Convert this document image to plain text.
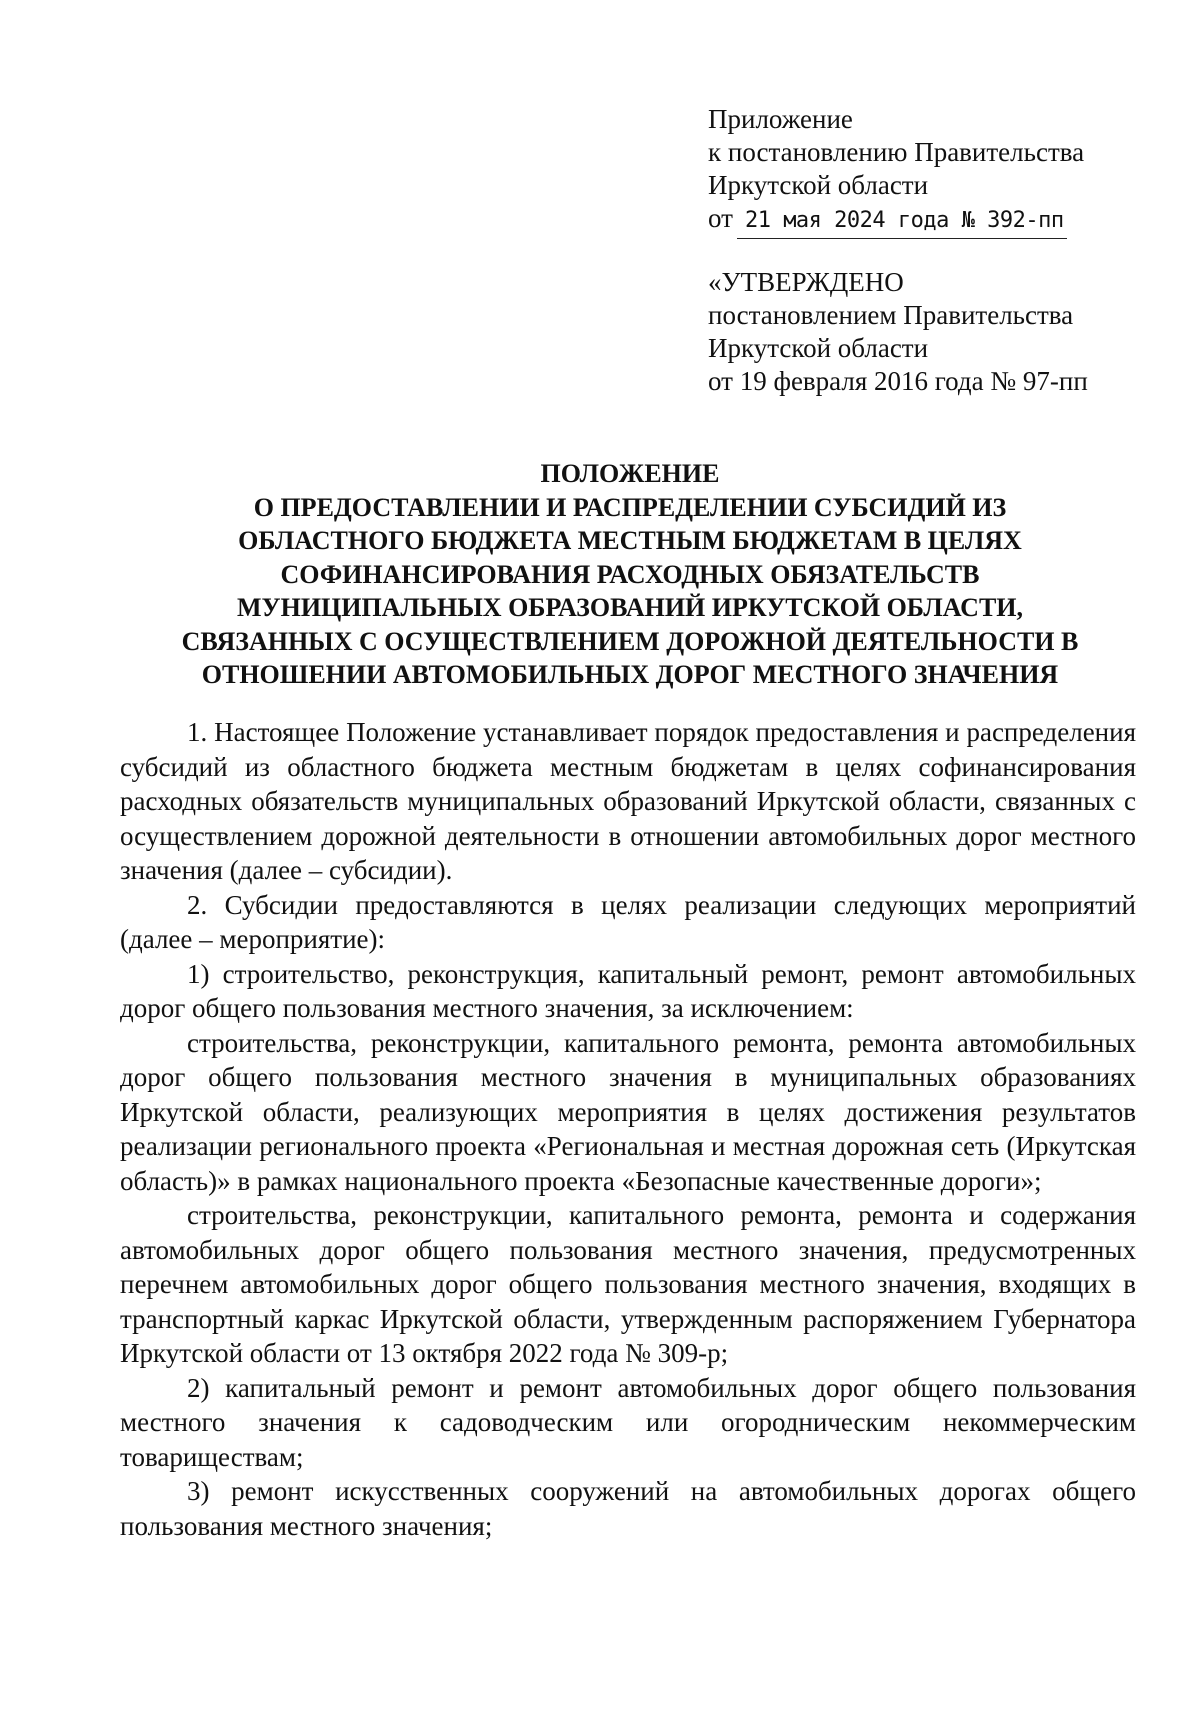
Приложение
к постановлению Правительства
Иркутской области
от 21 мая 2024 года № 392-пп
«УТВЕРЖДЕНО
постановлением Правительства
Иркутской области
от 19 февраля 2016 года № 97-пп
ПОЛОЖЕНИЕ
О ПРЕДОСТАВЛЕНИИ И РАСПРЕДЕЛЕНИИ СУБСИДИЙ ИЗ
ОБЛАСТНОГО БЮДЖЕТА МЕСТНЫМ БЮДЖЕТАМ В ЦЕЛЯХ
СОФИНАНСИРОВАНИЯ РАСХОДНЫХ ОБЯЗАТЕЛЬСТВ
МУНИЦИПАЛЬНЫХ ОБРАЗОВАНИЙ ИРКУТСКОЙ ОБЛАСТИ,
СВЯЗАННЫХ С ОСУЩЕСТВЛЕНИЕМ ДОРОЖНОЙ ДЕЯТЕЛЬНОСТИ В
ОТНОШЕНИИ АВТОМОБИЛЬНЫХ ДОРОГ МЕСТНОГО ЗНАЧЕНИЯ

1. Настоящее Положение устанавливает порядок предоставления и распределения субсидий из областного бюджета местным бюджетам в целях софинансирования расходных обязательств муниципальных образований Иркутской области, связанных с осуществлением дорожной деятельности в отношении автомобильных дорог местного значения (далее – субсидии).

2. Субсидии предоставляются в целях реализации следующих мероприятий (далее – мероприятие):

1) строительство, реконструкция, капитальный ремонт, ремонт автомобильных дорог общего пользования местного значения, за исключением:

строительства, реконструкции, капитального ремонта, ремонта автомобильных дорог общего пользования местного значения в муниципальных образованиях Иркутской области, реализующих мероприятия в целях достижения результатов реализации регионального проекта «Региональная и местная дорожная сеть (Иркутская область)» в рамках национального проекта «Безопасные качественные дороги»;

строительства, реконструкции, капитального ремонта, ремонта и содержания автомобильных дорог общего пользования местного значения, предусмотренных перечнем автомобильных дорог общего пользования местного значения, входящих в транспортный каркас Иркутской области, утвержденным распоряжением Губернатора Иркутской области от 13 октября 2022 года № 309-р;

2) капитальный ремонт и ремонт автомобильных дорог общего пользования местного значения к садоводческим или огородническим некоммерческим товариществам;

3) ремонт искусственных сооружений на автомобильных дорогах общего пользования местного значения;
